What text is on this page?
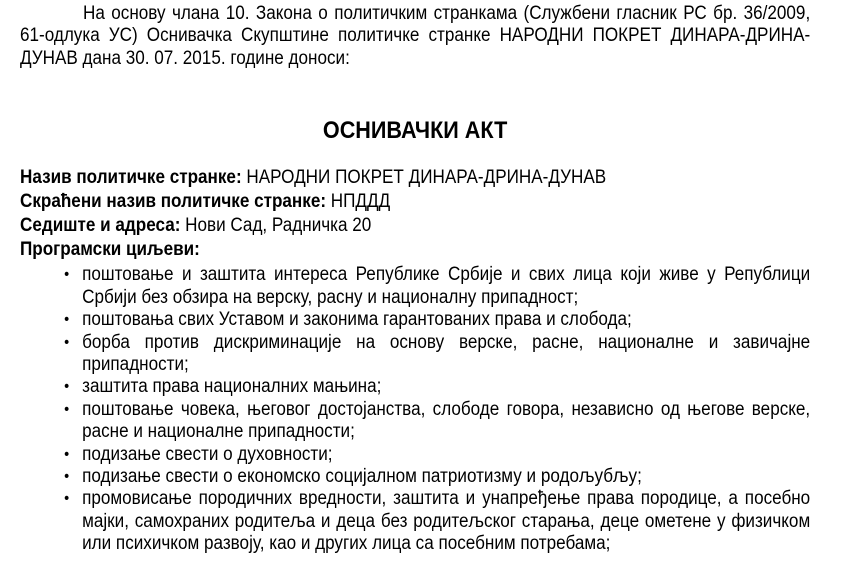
На основу члана 10. Закона о политичким странкама (Службени гласник РС бр. 36/2009, 61-одлука УС) Оснивачка Скупштине политичке странке НАРОДНИ ПОКРЕТ ДИНАРА-ДРИНА-ДУНАВ дана 30. 07. 2015. године доноси:

ОСНИВАЧКИ АКТ
Назив политичке странке: НАРОДНИ ПОКРЕТ ДИНАРА-ДРИНА-ДУНАВ
Скраћени назив политичке странке: НПДДД
Седиште и адреса: Нови Сад, Радничка 20
Програмски циљеви:
• поштовање и заштита интереса Републике Србије и свих лица који живе у Републици Србији без обзира на верску, расну и националну припадност;
• поштовања свих Уставом и законима гарантованих права и слобода;
• борба против дискриминације на основу верске, расне, националне и завичајне припадности;
• заштита права националних мањина;
• поштовање човека, његовог достојанства, слободе говора, независно од његове верске, расне и националне припадности;
• подизање свести о духовности;
• подизање свести о економско социјалном патриотизму и родољубљу;
• промовисање породичних вредности, заштита и унапређење права породице, а посебно мајки, самохраних родитеља и деца без родитељског старања, деце ометене у физичком или психичком развоју, као и других лица са посебним потребама;
